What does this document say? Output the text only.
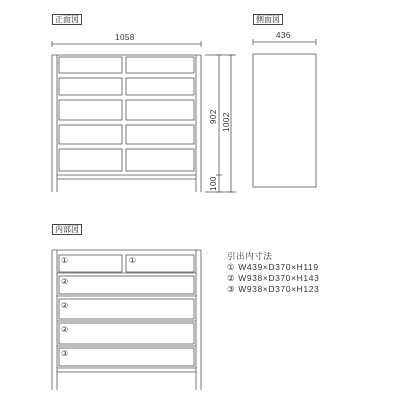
正面図	側面図
内部図
1058	436
902 1002
100
①	①
②
②
②
③
引出内寸法
① W439×D370×H119
② W938×D370×H143
③ W938×D370×H123
